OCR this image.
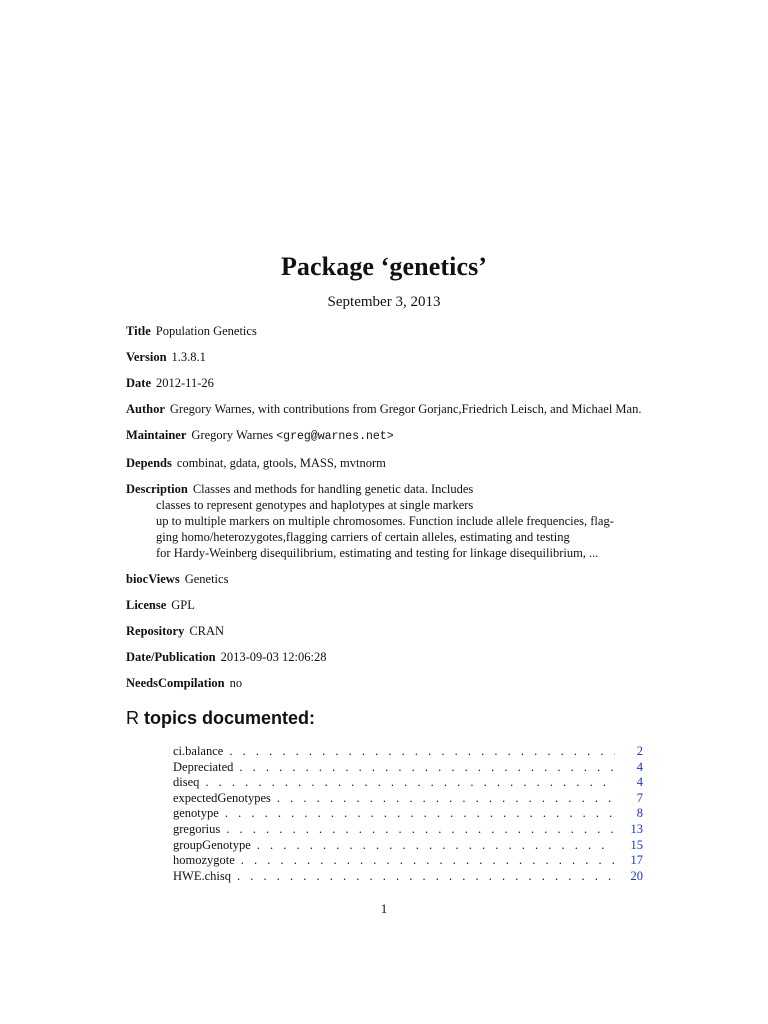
Package ‘genetics’
September 3, 2013
Title Population Genetics
Version 1.3.8.1
Date 2012-11-26
Author Gregory Warnes, with contributions from Gregor Gorjanc,Friedrich Leisch, and Michael Man.
Maintainer Gregory Warnes <greg@warnes.net>
Depends combinat, gdata, gtools, MASS, mvtnorm
Description Classes and methods for handling genetic data. Includes
classes to represent genotypes and haplotypes at single markers
up to multiple markers on multiple chromosomes. Function include allele frequencies, flag-
ging homo/heterozygotes,flagging carriers of certain alleles, estimating and testing
for Hardy-Weinberg disequilibrium, estimating and testing for linkage disequilibrium, ...
biocViews Genetics
License GPL
Repository CRAN
Date/Publication 2013-09-03 12:06:28
NeedsCompilation no
R topics documented:
ci.balance . . .	2
Depreciated . . .	4
diseq . . .	4
expectedGenotypes . . .	7
genotype . . .	8
gregorius . . .	13
groupGenotype . . .	15
homozygote . . .	17
HWE.chisq . . .	20
1
